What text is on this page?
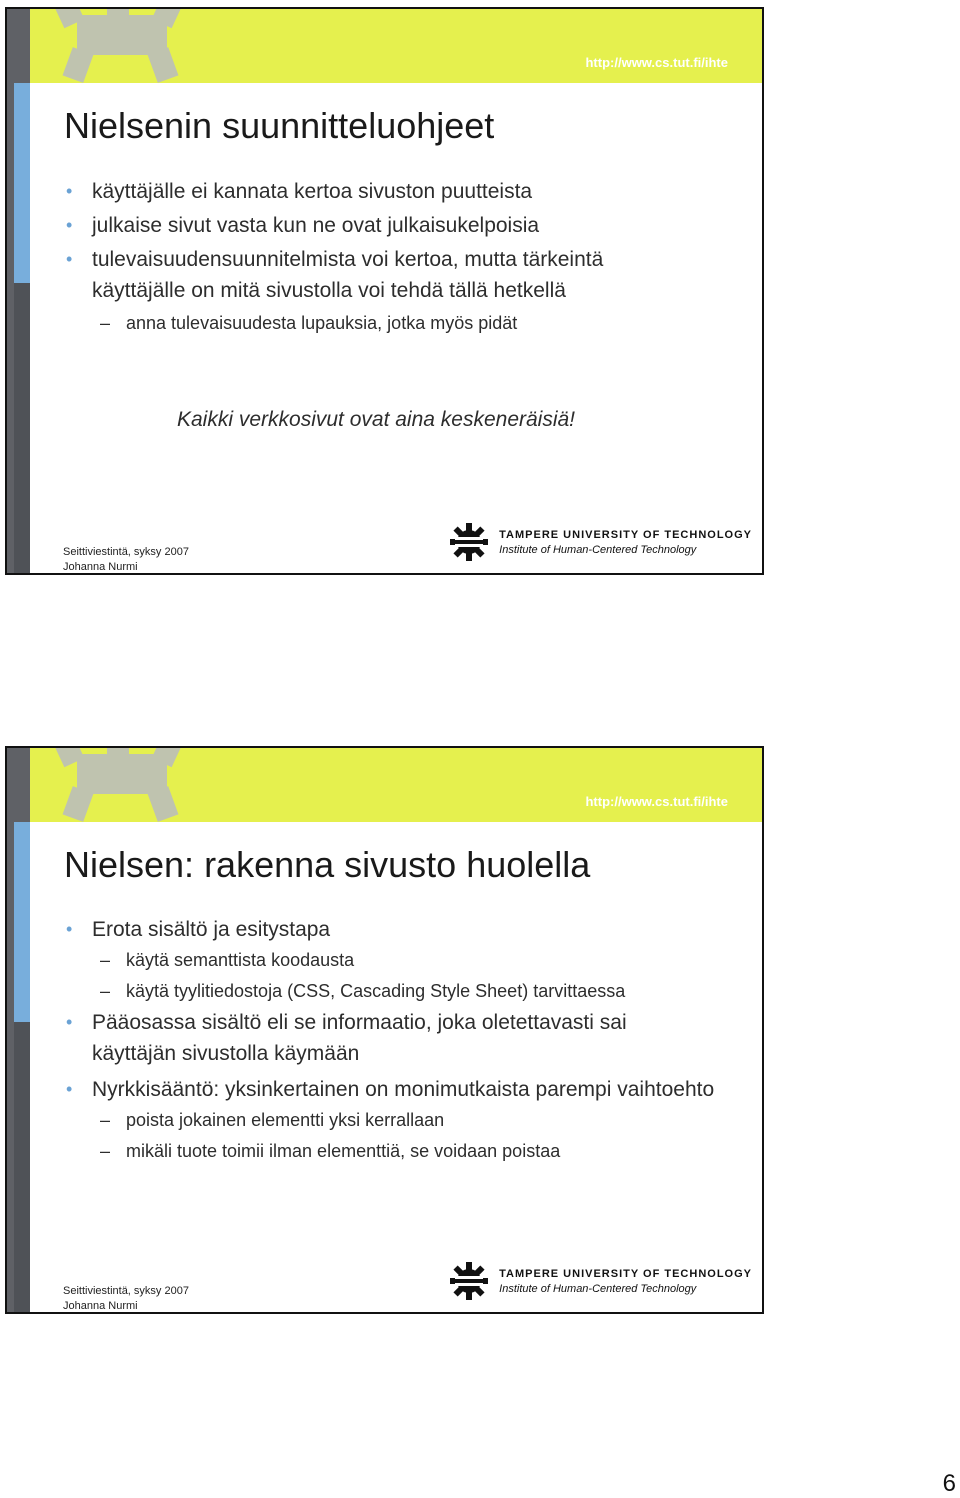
http://www.cs.tut.fi/ihte
Nielsenin suunnitteluohjeet
• käyttäjälle ei kannata kertoa sivuston puutteista
• julkaise sivut vasta kun ne ovat julkaisukelpoisia
• tulevaisuudensuunnitelmista voi kertoa, mutta tärkeintä käyttäjälle on mitä sivustolla voi tehdä tällä hetkellä
– anna tulevaisuudesta lupauksia, jotka myös pidät
Kaikki verkkosivut ovat aina keskeneräisiä!
Seittiviestintä, syksy 2007
Johanna Nurmi
TAMPERE UNIVERSITY OF TECHNOLOGY
Institute of Human-Centered Technology
http://www.cs.tut.fi/ihte
Nielsen: rakenna sivusto huolella
• Erota sisältö ja esitystapa
– käytä semanttista koodausta
– käytä tyylitiedostoja (CSS, Cascading Style Sheet) tarvittaessa
• Pääosassa sisältö eli se informaatio, joka oletettavasti sai käyttäjän sivustolla käymään
• Nyrkkisääntö: yksinkertainen on monimutkaista parempi vaihtoehto
– poista jokainen elementti yksi kerrallaan
– mikäli tuote toimii ilman elementtiä, se voidaan poistaa
Seittiviestintä, syksy 2007
Johanna Nurmi
TAMPERE UNIVERSITY OF TECHNOLOGY
Institute of Human-Centered Technology
6
